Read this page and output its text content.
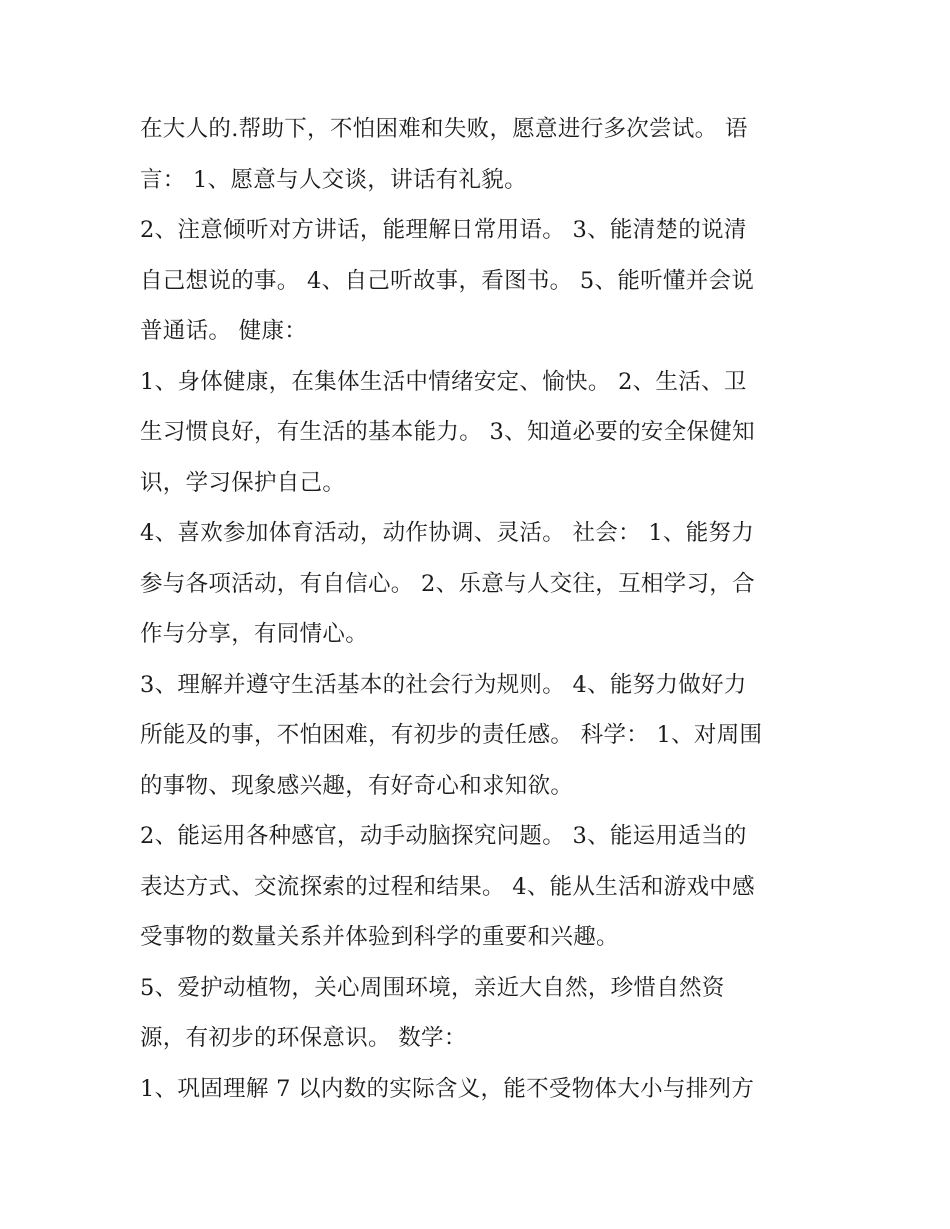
在大人的.帮助下，不怕困难和失败，愿意进行多次尝试。 语
言： 1、愿意与人交谈，讲话有礼貌。
2、注意倾听对方讲话，能理解日常用语。 3、能清楚的说清
自己想说的事。 4、自己听故事，看图书。 5、能听懂并会说
普通话。 健康：
1、身体健康，在集体生活中情绪安定、愉快。 2、生活、卫
生习惯良好，有生活的基本能力。 3、知道必要的安全保健知
识，学习保护自己。
4、喜欢参加体育活动，动作协调、灵活。 社会： 1、能努力
参与各项活动，有自信心。 2、乐意与人交往，互相学习，合
作与分享，有同情心。
3、理解并遵守生活基本的社会行为规则。 4、能努力做好力
所能及的事，不怕困难，有初步的责任感。 科学： 1、对周围
的事物、现象感兴趣，有好奇心和求知欲。
2、能运用各种感官，动手动脑探究问题。 3、能运用适当的
表达方式、交流探索的过程和结果。 4、能从生活和游戏中感
受事物的数量关系并体验到科学的重要和兴趣。
5、爱护动植物，关心周围环境，亲近大自然，珍惜自然资
源，有初步的环保意识。 数学：
1、巩固理解 7 以内数的实际含义，能不受物体大小与排列方
